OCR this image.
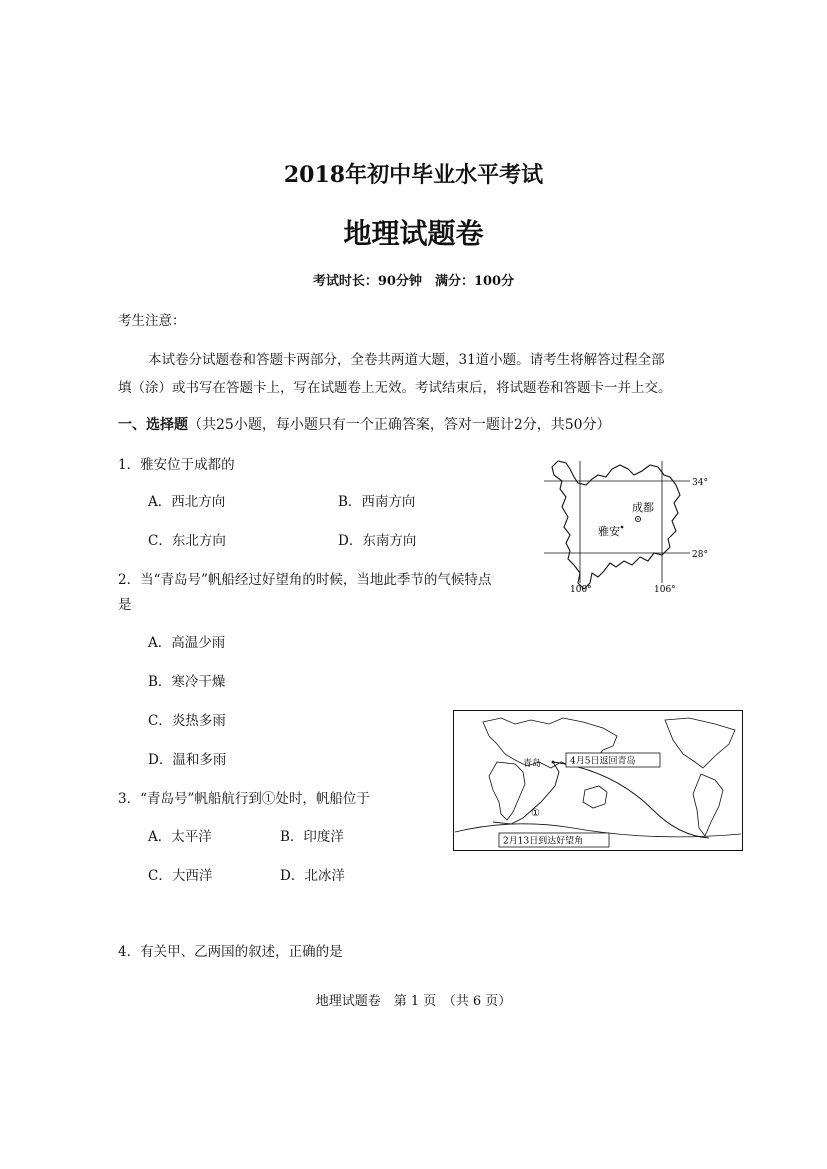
2018年初中毕业水平考试
地理试题卷
考试时长：90分钟　满分：100分
考生注意：
本试卷分试题卷和答题卡两部分，全卷共两道大题，31道小题。请考生将解答过程全部
填（涂）或书写在答题卡上，写在试题卷上无效。考试结束后，将试题卷和答题卡一并上交。
一、选择题（共25小题，每小题只有一个正确答案，答对一题计2分，共50分）
1．雅安位于成都的
A．西北方向	B．西南方向
C．东北方向	D．东南方向
2．当“青岛号”帆船经过好望角的时候，当地此季节的气候特点
是
A．高温少雨
B．寒冷干燥
C．炎热多雨
D．温和多雨
3．“青岛号”帆船航行到①处时，帆船位于
A．太平洋	B．印度洋
C．大西洋	D．北冰洋
4．有关甲、乙两国的叙述，正确的是
34°
28°
100°	106°
成都
雅安
青岛	4月5日返回青岛
①
2月13日到达好望角
地理试题卷　第 1 页　（共 6 页）
